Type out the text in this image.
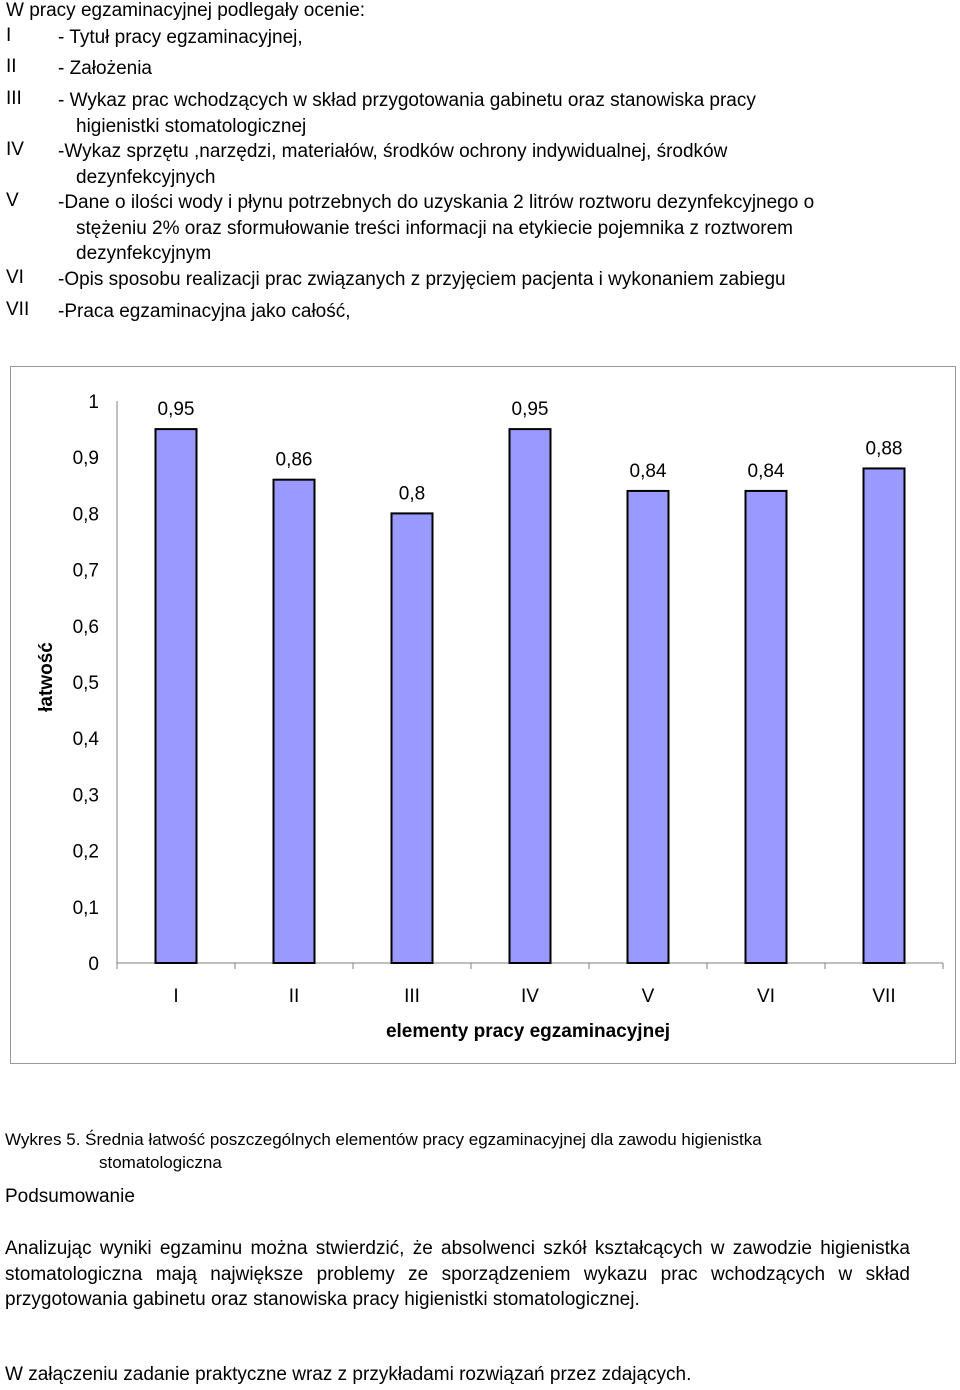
W pracy egzaminacyjnej podlegały ocenie:
I - Tytuł pracy egzaminacyjnej,
II - Założenia
III - Wykaz prac wchodzących w skład przygotowania gabinetu oraz stanowiska pracy
higienistki stomatologicznej
IV -Wykaz sprzętu ,narzędzi, materiałów, środków ochrony indywidualnej, środków
dezynfekcyjnych
V -Dane o ilości wody i płynu potrzebnych do uzyskania 2 litrów roztworu dezynfekcyjnego o
stężeniu 2% oraz sformułowanie treści informacji na etykiecie pojemnika z roztworem
dezynfekcyjnym
VI -Opis sposobu realizacji prac związanych z przyjęciem pacjenta i wykonaniem zabiegu
VII -Praca egzaminacyjna jako całość,
0
0,1
0,2
0,3
0,4
0,5
0,6
0,7
0,8
0,9
1	0,95
0,86
0,8
0,95
0,84	0,84
0,88
I	II	III	IV	V	VI	VII
elementy pracy egzaminacyjnej
łatwość
Wykres 5. Średnia łatwość poszczególnych elementów pracy egzaminacyjnej dla zawodu higienistka
stomatologiczna
Podsumowanie
Analizując wyniki egzaminu można stwierdzić, że absolwenci szkół kształcących w zawodzie higienistka stomatologiczna mają największe problemy ze sporządzeniem wykazu prac wchodzących w skład przygotowania gabinetu oraz stanowiska pracy higienistki stomatologicznej.
W załączeniu zadanie praktyczne wraz z przykładami rozwiązań przez zdających.
